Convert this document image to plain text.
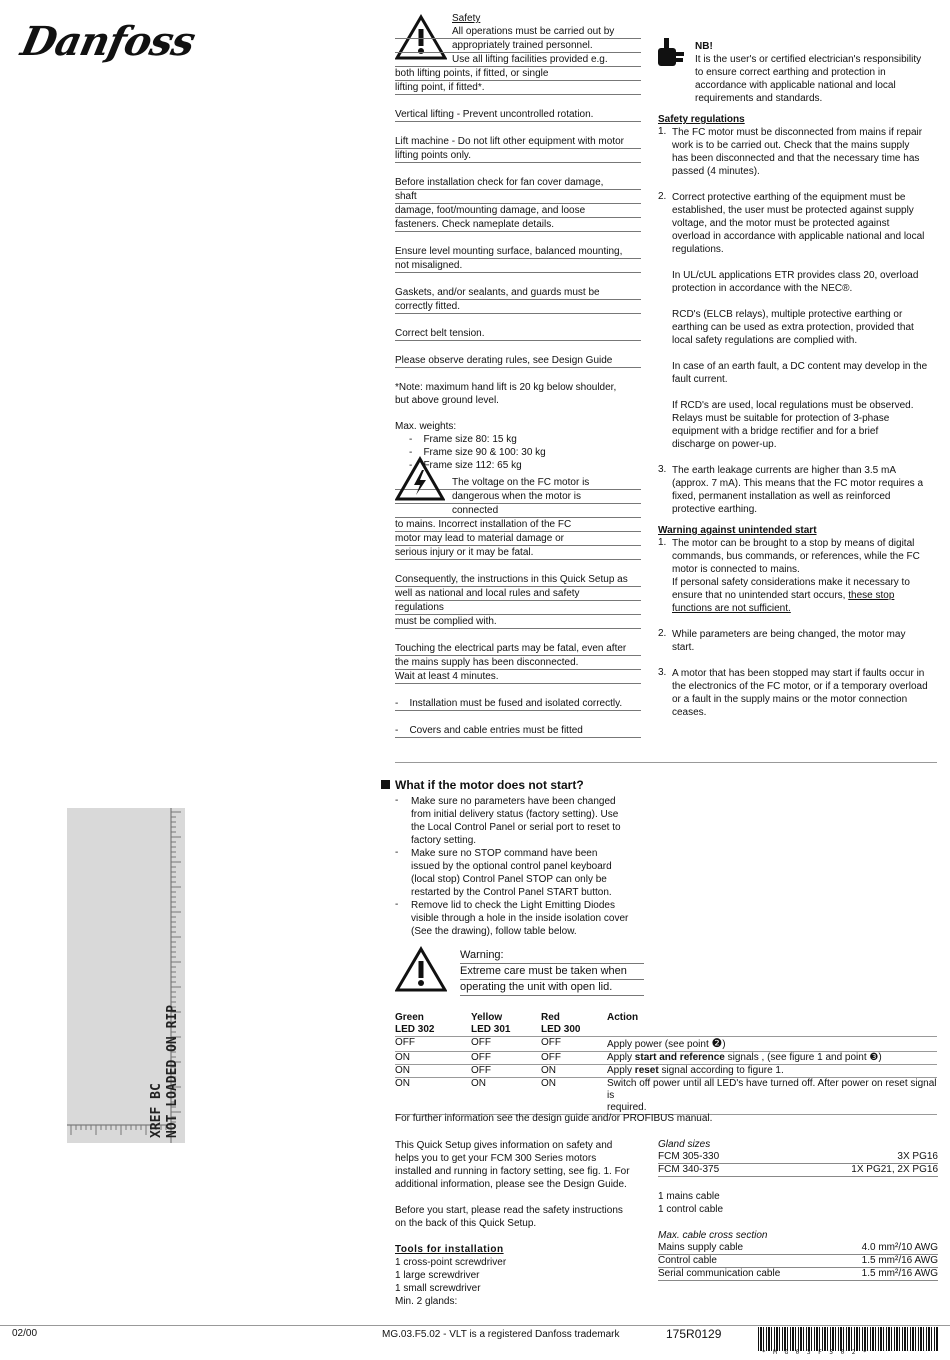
Danfoss	Safety
All operations must be carried out by
appropriately trained personnel.
Use all lifting facilities provided e.g.
both lifting points, if fitted, or single
lifting point, if fitted*.
Vertical lifting - Prevent uncontrolled rotation.
Lift machine - Do not lift other equipment with motor
lifting points only.
Before installation check for fan cover damage,
shaft
damage, foot/mounting damage, and loose
fasteners. Check nameplate details.
Ensure level mounting surface, balanced mounting,
not misaligned.
Gaskets, and/or sealants, and guards must be
correctly fitted.
Correct belt tension.
Please observe derating rules, see Design Guide
*Note: maximum hand lift is 20 kg below shoulder,
but above ground level.
Max. weights:
-    Frame size 80: 15 kg
-    Frame size 90 & 100: 30 kg
-    Frame size 112: 65 kg
The voltage on the FC motor is
dangerous when the motor is
connected
to mains. Incorrect installation of the FC
motor may lead to material damage or
serious injury or it may be fatal.
Consequently, the instructions in this Quick Setup as
well as national and local rules and safety
regulations
must be complied with.
Touching the electrical parts may be fatal, even after
the mains supply has been disconnected.
Wait at least 4 minutes.
-    Installation must be fused and isolated correctly.
-    Covers and cable entries must be fitted
NB!
It is the user's or certified electrician's responsibility
to ensure correct earthing and protection in
accordance with applicable national and local
requirements and standards.
Safety regulations
1. The FC motor must be disconnected from mains if repair
work is to be carried out. Check that the mains supply
has been disconnected and that the necessary time has
passed (4 minutes).
2. Correct protective earthing of the equipment must be
established, the user must be protected against supply
voltage, and the motor must be protected against
overload in accordance with applicable national and local
regulations.
In UL/cUL applications ETR provides class 20, overload
protection in accordance with the NEC®.
RCD's (ELCB relays), multiple protective earthing or
earthing can be used as extra protection, provided that
local safety regulations are complied with.
In case of an earth fault, a DC content may develop in the
fault current.
If RCD's are used, local regulations must be observed.
Relays must be suitable for protection of 3-phase
equipment with a bridge rectifier and for a brief
discharge on power-up.
3. The earth leakage currents are higher than 3.5 mA
(approx. 7 mA). This means that the FC motor requires a
fixed, permanent installation as well as reinforced
protective earthing.
Warning against unintended start
1. The motor can be brought to a stop by means of digital
commands, bus commands, or references, while the FC
motor is connected to mains.
If personal safety considerations make it necessary to
ensure that no unintended start occurs, these stop
functions are not sufficient.
2. While parameters are being changed, the motor may
start.
3. A motor that has been stopped may start if faults occur in
the electronics of the FC motor, or if a temporary overload
or a fault in the supply mains or the motor connection
ceases.
What if the motor does not start?
-	Make sure no parameters have been changed
from initial delivery status (factory setting). Use
the Local Control Panel or serial port to reset to
factory setting.
-	Make sure no STOP command have been
issued by the optional control panel keyboard
(local stop) Control Panel STOP can only be
restarted by the Control Panel START button.
-	Remove lid to check the Light Emitting Diodes
visible through a hole in the inside isolation cover
(See the drawing), follow table below.
Warning:
Extreme care must be taken when
operating the unit with open lid.
Green	Yellow	Red	Action
LED 302	LED 301	LED 300	
OFF	OFF	OFF	Apply power (see point ❷)
ON	OFF	OFF	Apply start and reference signals , (see figure 1 and point ❸)
ON	OFF	ON	Apply reset signal according to figure 1.
ON	ON	ON	Switch off power until all LED's have turned off. After power on reset signal is
required.
For further information see the design guide and/or PROFIBUS manual.
This Quick Setup gives information on safety and
helps you to get your FCM 300 Series motors
installed and running in factory setting, see fig. 1. For
additional information, please see the Design Guide.
Before you start, please read the safety instructions
on the back of this Quick Setup.
Tools for installation
1 cross-point screwdriver
1 large screwdriver
1 small screwdriver
Min. 2 glands:
Gland sizes
FCM 305-330	3X PG16
FCM 340-375	1X PG21, 2X PG16
1 mains cable
1 control cable
Max. cable cross section
Mains supply cable	4.0 mm²/10 AWG
Control cable	1.5 mm²/16 AWG
Serial communication cable	1.5 mm²/16 AWG
XREF BC NOT LOADED ON RIP
02/00	MG.03.F5.02 - VLT is a registered Danfoss trademark	175R0129
* M G 0 3 F 5 0 2 *
